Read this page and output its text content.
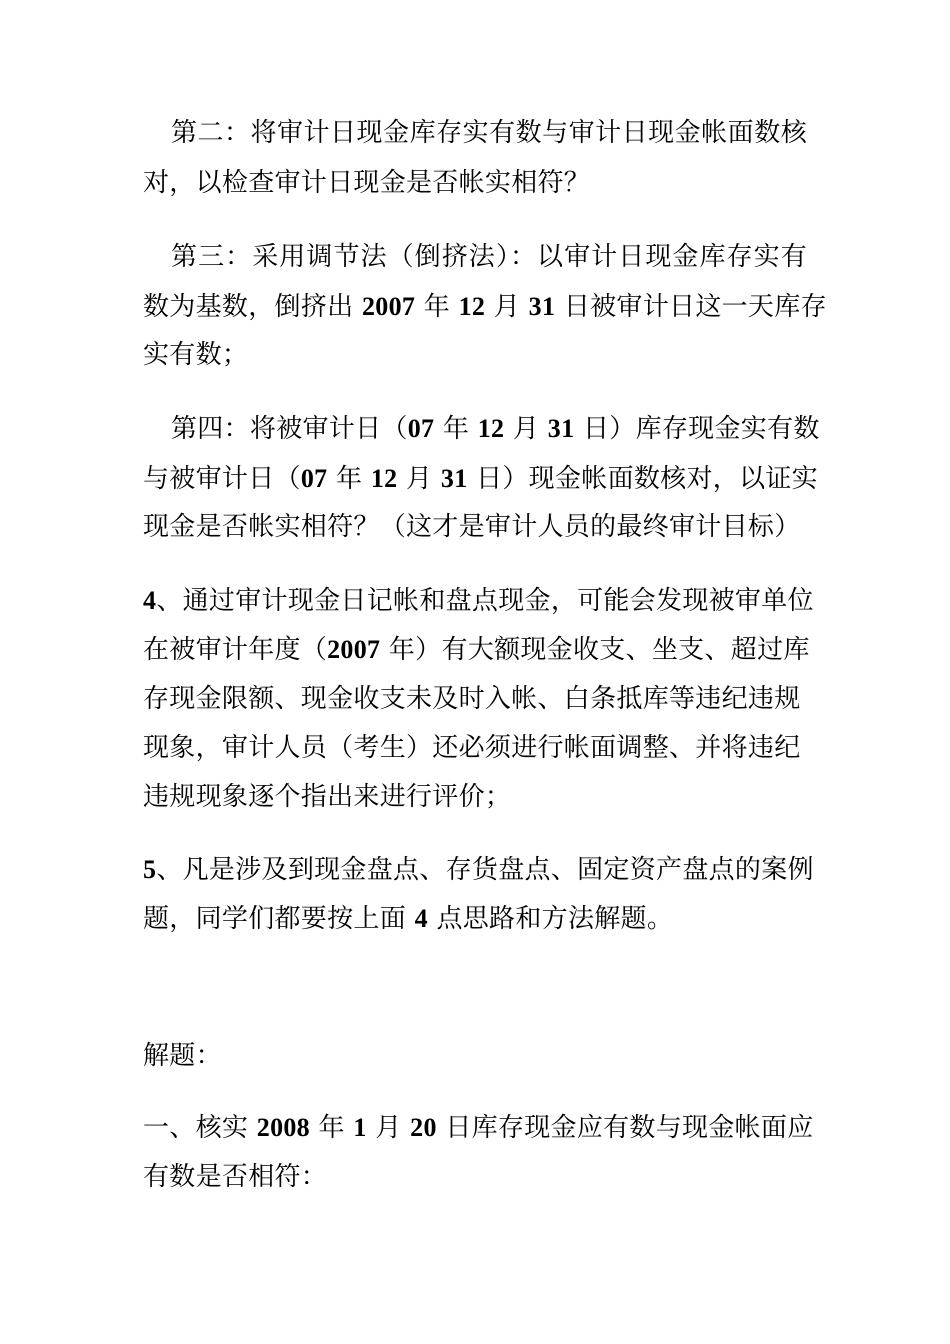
第二：将审计日现金库存实有数与审计日现金帐面数核
对，以检查审计日现金是否帐实相符？
第三：采用调节法（倒挤法）：以审计日现金库存实有
数为基数，倒挤出 2007 年 12 月 31 日被审计日这一天库存
实有数；
第四：将被审计日（07 年 12 月 31 日）库存现金实有数
与被审计日（07 年 12 月 31 日）现金帐面数核对，以证实
现金是否帐实相符？（这才是审计人员的最终审计目标）
4、通过审计现金日记帐和盘点现金，可能会发现被审单位
在被审计年度（2007 年）有大额现金收支、坐支、超过库
存现金限额、现金收支未及时入帐、白条抵库等违纪违规
现象，审计人员（考生）还必须进行帐面调整、并将违纪
违规现象逐个指出来进行评价；
5、凡是涉及到现金盘点、存货盘点、固定资产盘点的案例
题，同学们都要按上面 4 点思路和方法解题。
解题：
一、核实 2008 年 1 月 20 日库存现金应有数与现金帐面应
有数是否相符：
